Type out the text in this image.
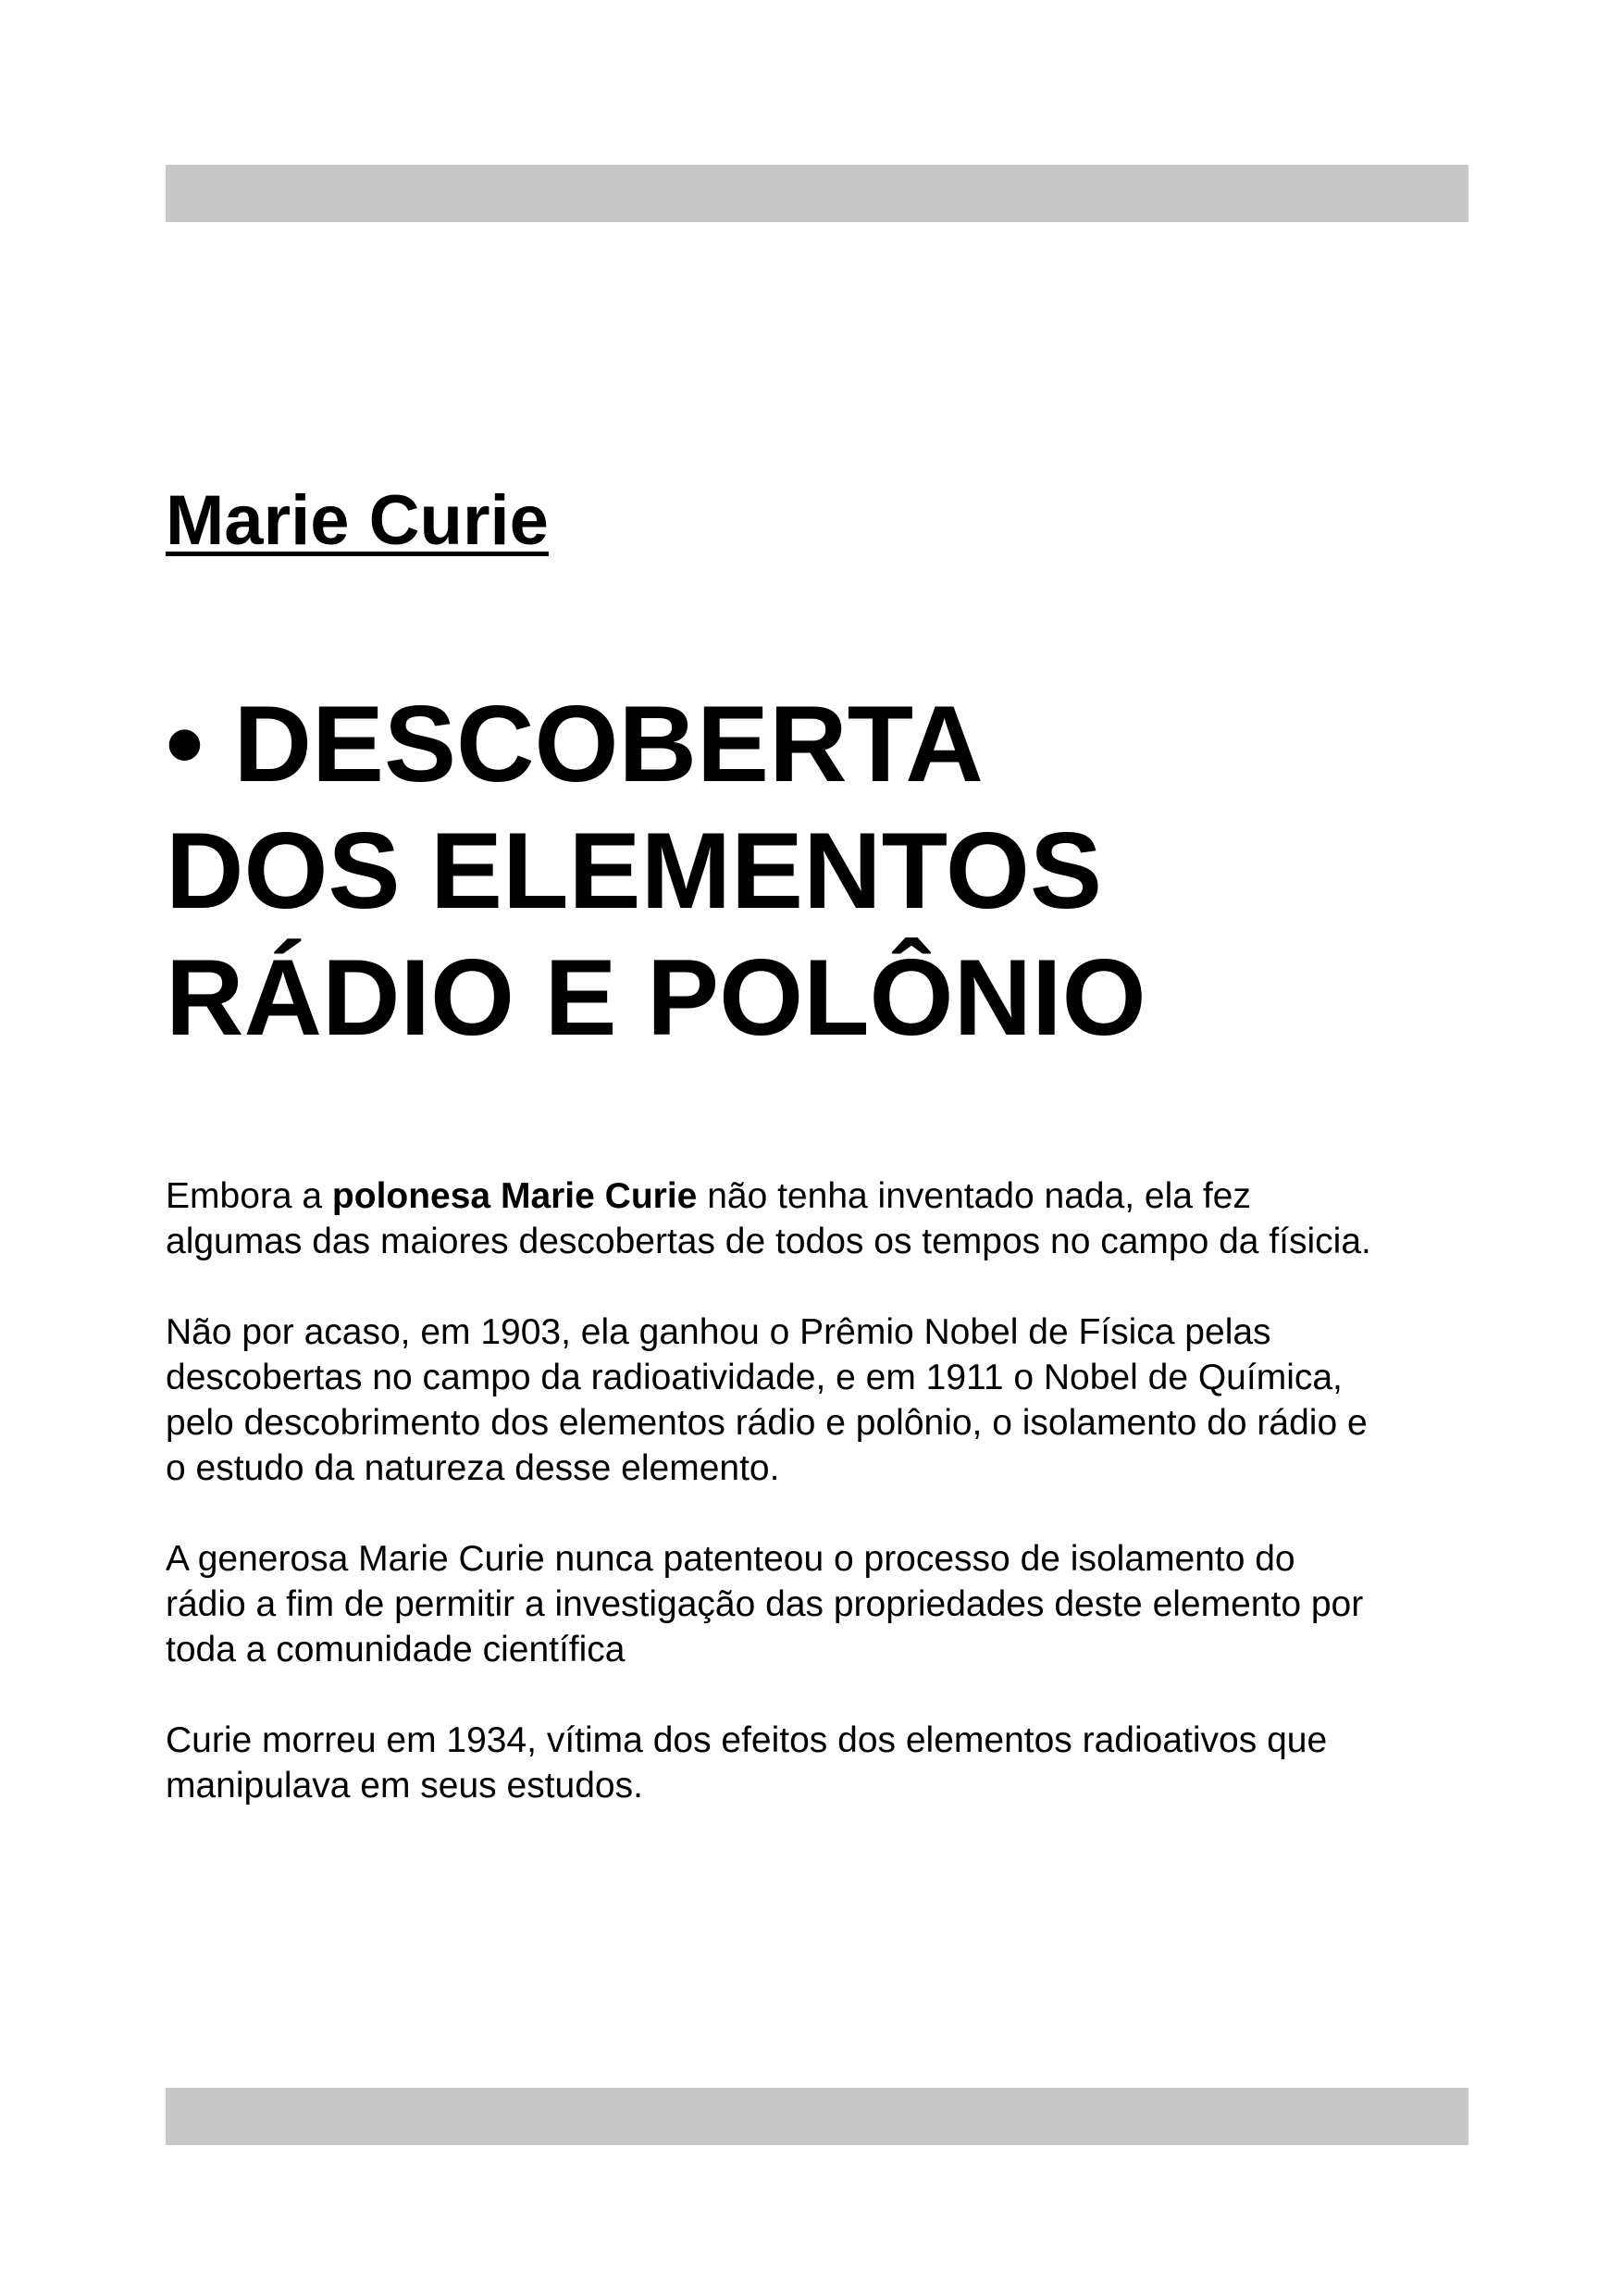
Marie Curie
• DESCOBERTA
DOS ELEMENTOS
RÁDIO E POLÔNIO

Embora a polonesa Marie Curie não tenha inventado nada, ela fez
algumas das maiores descobertas de todos os tempos no campo da físicia.

Não por acaso, em 1903, ela ganhou o Prêmio Nobel de Física pelas
descobertas no campo da radioatividade, e em 1911 o Nobel de Química,
pelo descobrimento dos elementos rádio e polônio, o isolamento do rádio e
o estudo da natureza desse elemento.

A generosa Marie Curie nunca patenteou o processo de isolamento do
rádio a fim de permitir a investigação das propriedades deste elemento por
toda a comunidade científica

Curie morreu em 1934, vítima dos efeitos dos elementos radioativos que
manipulava em seus estudos.
